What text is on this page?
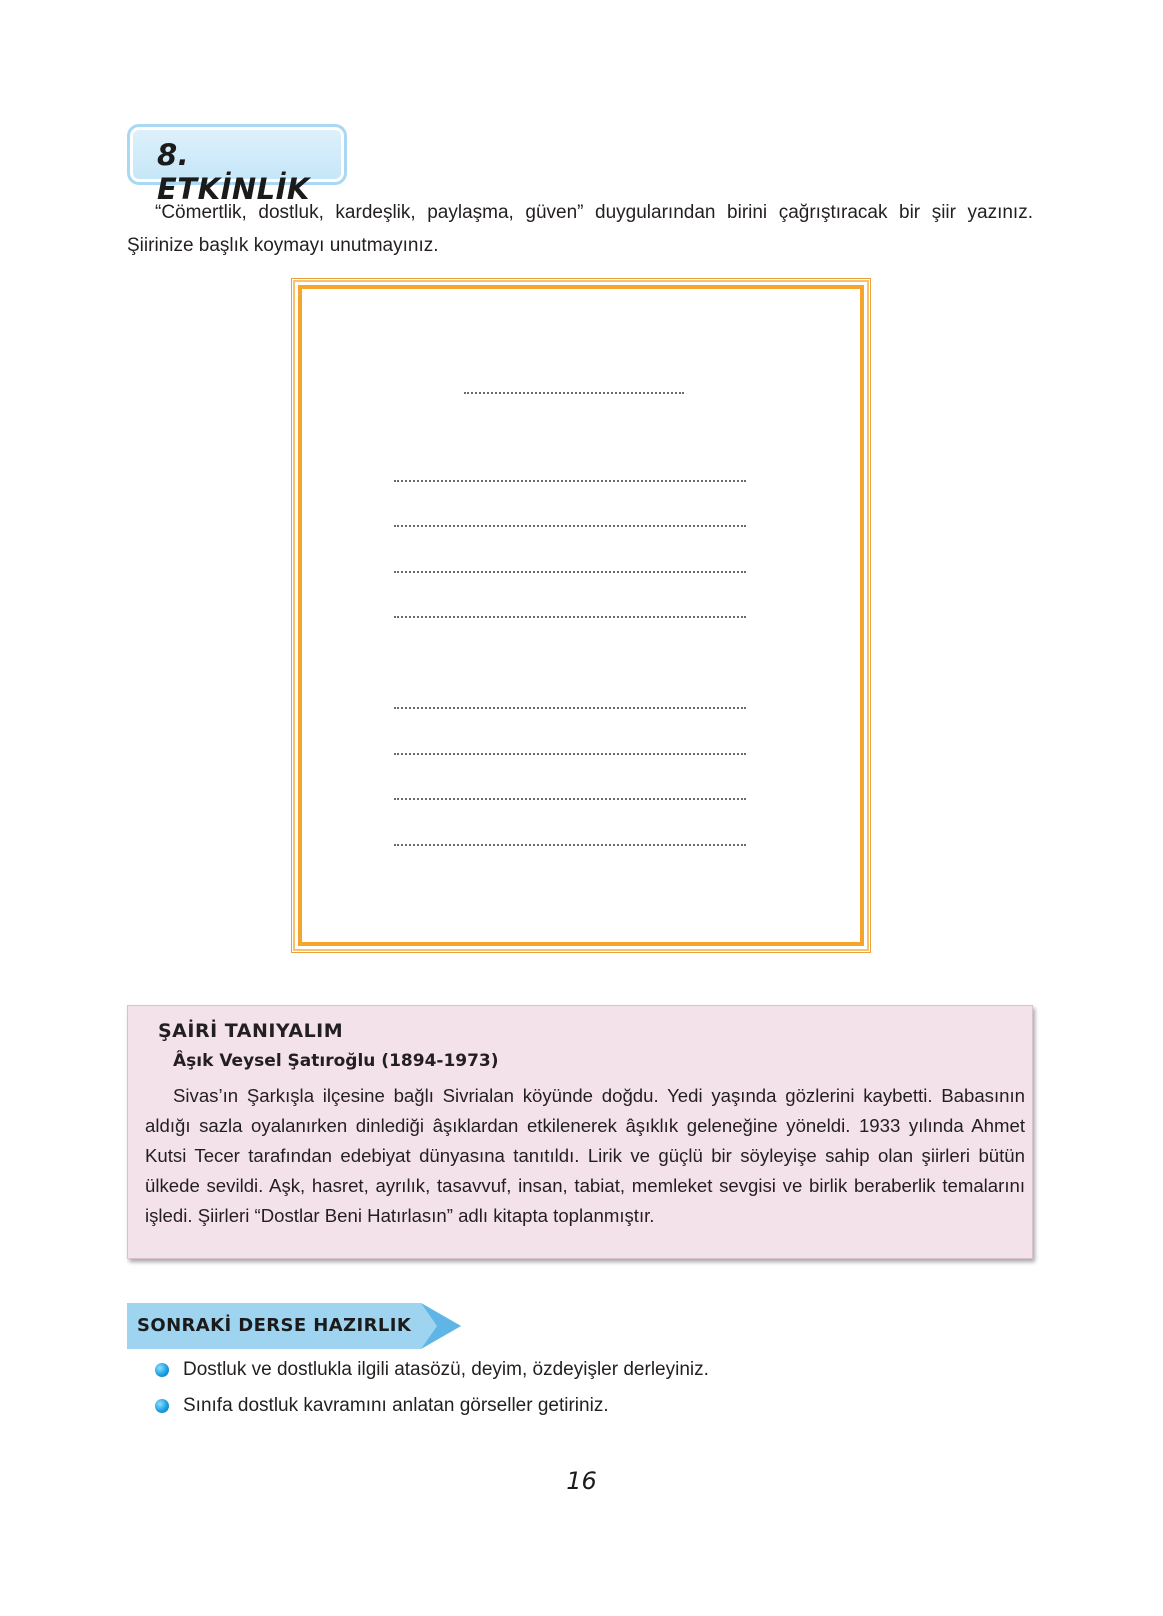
8. ETKİNLİK
“Cömertlik, dostluk, kardeşlik, paylaşma, güven” duygularından birini çağrıştıracak bir şiir yazınız. Şiirinize başlık koymayı unutmayınız.
ŞAİRİ TANIYALIM
Âşık Veysel Şatıroğlu (1894-1973)
Sivas’ın Şarkışla ilçesine bağlı Sivrialan köyünde doğdu. Yedi yaşında gözlerini kaybetti. Babasının aldığı sazla oyalanırken dinlediği âşıklardan etkilenerek âşıklık geleneğine yöneldi. 1933 yılında Ahmet Kutsi Tecer tarafından edebiyat dünyasına tanıtıldı. Lirik ve güçlü bir söyleyişe sahip olan şiirleri bütün ülkede sevildi. Aşk, hasret, ayrılık, tasavvuf, insan, tabiat, memleket sevgisi ve birlik beraberlik temalarını işledi. Şiirleri “Dostlar Beni Hatırlasın” adlı kitapta toplanmıştır.
SONRAKİ DERSE HAZIRLIK
Dostluk ve dostlukla ilgili atasözü, deyim, özdeyişler derleyiniz.
Sınıfa dostluk kavramını anlatan görseller getiriniz.
16
